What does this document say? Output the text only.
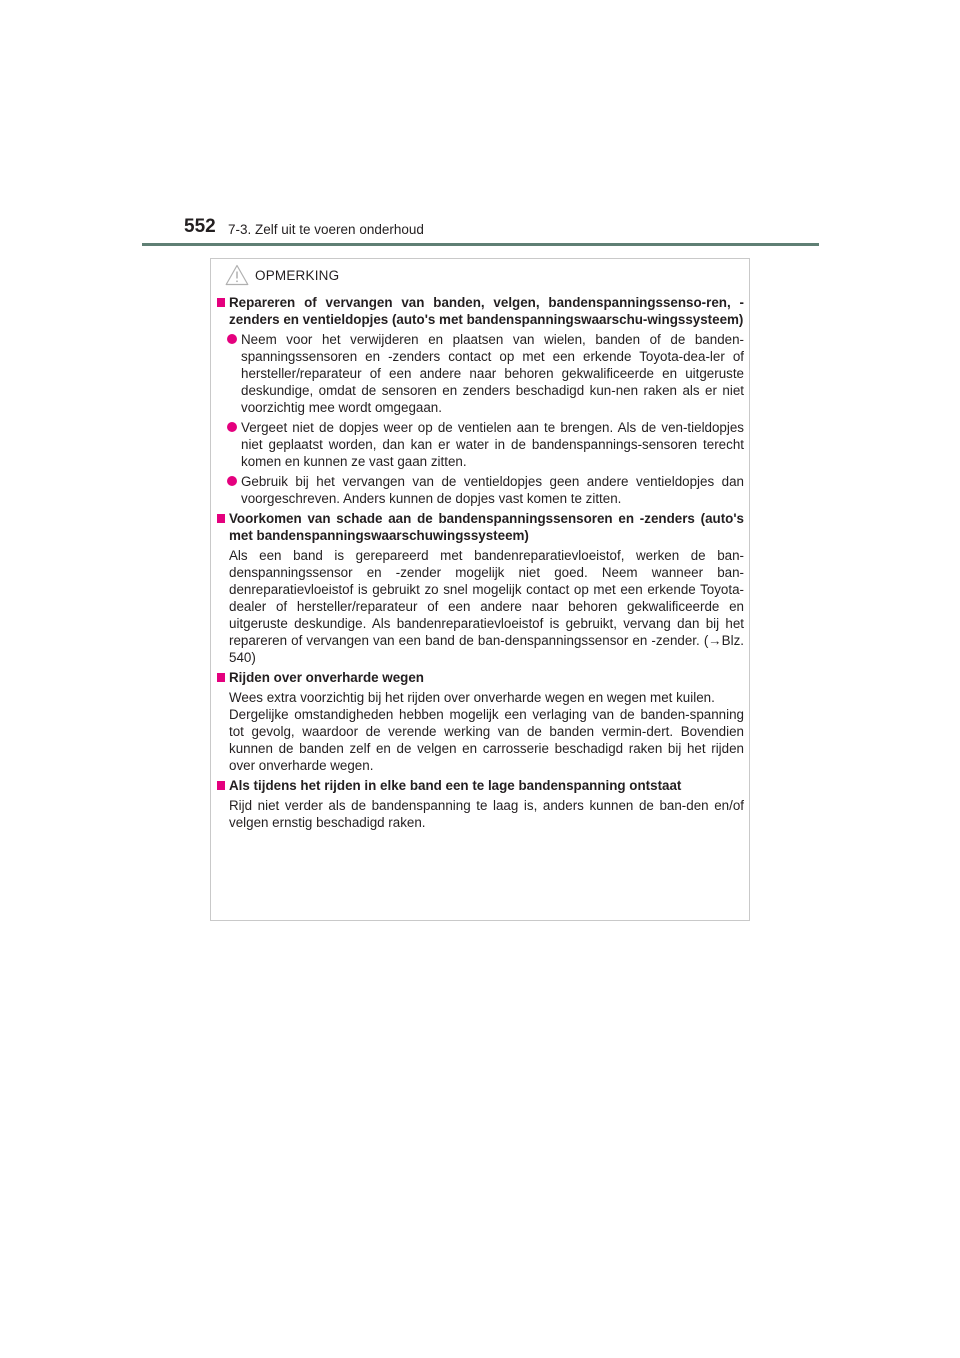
552 7-3. Zelf uit te voeren onderhoud
OPMERKING
Repareren of vervangen van banden, velgen, bandenspanningssenso-ren, -zenders en ventieldopjes (auto's met bandenspanningswaarschu-wingssysteem)
Neem voor het verwijderen en plaatsen van wielen, banden of de banden-spanningssensoren en -zenders contact op met een erkende Toyota-dea-ler of hersteller/reparateur of een andere naar behoren gekwalificeerde en uitgeruste deskundige, omdat de sensoren en zenders beschadigd kun-nen raken als er niet voorzichtig mee wordt omgegaan.
Vergeet niet de dopjes weer op de ventielen aan te brengen. Als de ven-tieldopjes niet geplaatst worden, dan kan er water in de bandenspannings-sensoren terecht komen en kunnen ze vast gaan zitten.
Gebruik bij het vervangen van de ventieldopjes geen andere ventieldopjes dan voorgeschreven. Anders kunnen de dopjes vast komen te zitten.
Voorkomen van schade aan de bandenspanningssensoren en -zenders (auto's met bandenspanningswaarschuwingssysteem)
Als een band is gerepareerd met bandenreparatievloeistof, werken de ban-denspanningssensor en -zender mogelijk niet goed. Neem wanneer ban-denreparatievloeistof is gebruikt zo snel mogelijk contact op met een erkende Toyota-dealer of hersteller/reparateur of een andere naar behoren gekwalificeerde en uitgeruste deskundige. Als bandenreparatievloeistof is gebruikt, vervang dan bij het repareren of vervangen van een band de ban-denspanningssensor en -zender. (→Blz. 540)
Rijden over onverharde wegen
Wees extra voorzichtig bij het rijden over onverharde wegen en wegen met kuilen.
Dergelijke omstandigheden hebben mogelijk een verlaging van de banden-spanning tot gevolg, waardoor de verende werking van de banden vermin-dert. Bovendien kunnen de banden zelf en de velgen en carrosserie beschadigd raken bij het rijden over onverharde wegen.
Als tijdens het rijden in elke band een te lage bandenspanning ontstaat
Rijd niet verder als de bandenspanning te laag is, anders kunnen de ban-den en/of velgen ernstig beschadigd raken.
